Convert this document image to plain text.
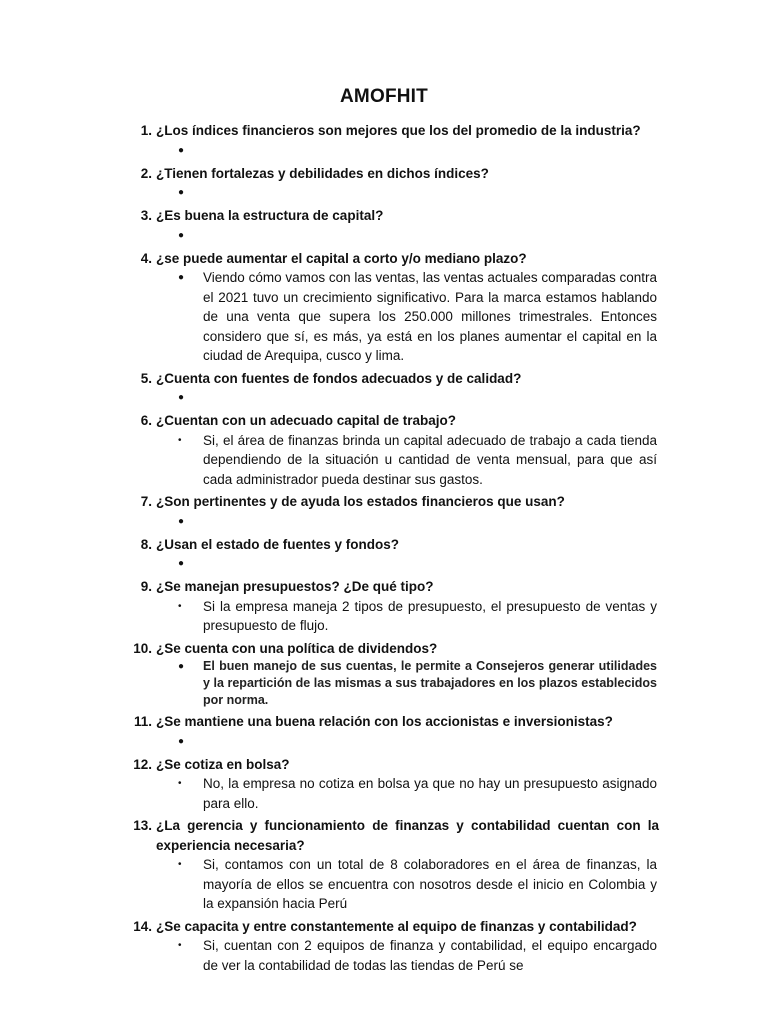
AMOFHIT
1. ¿Los índices financieros son mejores que los del promedio de la industria?
●
2. ¿Tienen fortalezas y debilidades en dichos índices?
●
3. ¿Es buena la estructura de capital?
●
4. ¿se puede aumentar el capital a corto y/o mediano plazo?
● Viendo cómo vamos con las ventas, las ventas actuales comparadas contra el 2021 tuvo un crecimiento significativo. Para la marca estamos hablando de una venta que supera los 250.000 millones trimestrales. Entonces considero que sí, es más, ya está en los planes aumentar el capital en la ciudad de Arequipa, cusco y lima.
5. ¿Cuenta con fuentes de fondos adecuados y de calidad?
●
6. ¿Cuentan con un adecuado capital de trabajo?
• Si, el área de finanzas brinda un capital adecuado de trabajo a cada tienda dependiendo de la situación u cantidad de venta mensual, para que así cada administrador pueda destinar sus gastos.
7. ¿Son pertinentes y de ayuda los estados financieros que usan?
●
8. ¿Usan el estado de fuentes y fondos?
●
9. ¿Se manejan presupuestos? ¿De qué tipo?
• Si la empresa maneja 2 tipos de presupuesto, el presupuesto de ventas y presupuesto de flujo.
10. ¿Se cuenta con una política de dividendos?
● El buen manejo de sus cuentas, le permite a Consejeros generar utilidades y la repartición de las mismas a sus trabajadores en los plazos establecidos por norma.
11. ¿Se mantiene una buena relación con los accionistas e inversionistas?
●
12. ¿Se cotiza en bolsa?
• No, la empresa no cotiza en bolsa ya que no hay un presupuesto asignado para ello.
13. ¿La gerencia y funcionamiento de finanzas y contabilidad cuentan con la experiencia necesaria?
• Si, contamos con un total de 8 colaboradores en el área de finanzas, la mayoría de ellos se encuentra con nosotros desde el inicio en Colombia y la expansión hacia Perú
14. ¿Se capacita y entre constantemente al equipo de finanzas y contabilidad?
• Si, cuentan con 2 equipos de finanza y contabilidad, el equipo encargado de ver la contabilidad de todas las tiendas de Perú se
